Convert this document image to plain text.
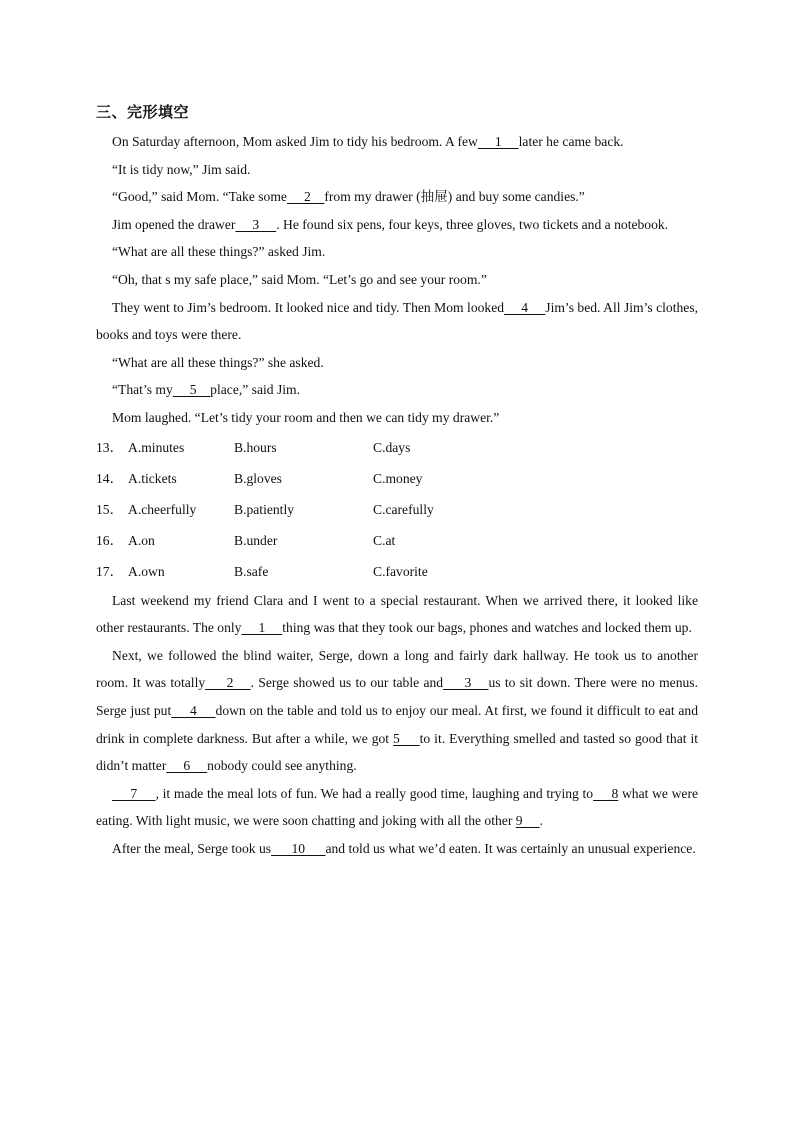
三、完形填空

On Saturday afternoon, Mom asked Jim to tidy his bedroom. A few     1     later he came back.

“It is tidy now,” Jim said.

“Good,” said Mom. “Take some     2    from my drawer (抽屉) and buy some candies.”

Jim opened the drawer     3     . He found six pens, four keys, three gloves, two tickets and a notebook.

“What are all these things?” asked Jim.

“Oh, that s my safe place,” said Mom. “Let’s go and see your room.”

They went to Jim’s bedroom. It looked nice and tidy. Then Mom looked     4     Jim’s bed. All Jim’s clothes, books and toys were there.

“What are all these things?” she asked.

“That’s my     5    place,” said Jim.

Mom laughed. “Let’s tidy your room and then we can tidy my drawer.”

13． A.minutes	B.hours	C.days
14． A.tickets	B.gloves	C.money
15． A.cheerfully	B.patiently	C.carefully
16． A.on	B.under	C.at
17． A.own	B.safe	C.favorite

Last weekend my friend Clara and I went to a special restaurant. When we arrived there, it looked like other restaurants. The only     1     thing was that they took our bags, phones and watches and locked them up.

Next, we followed the blind waiter, Serge, down a long and fairly dark hallway. He took us to another room. It was totally     2    . Serge showed us to our table and     3    us to sit down. There were no menus. Serge just put     4     down on the table and told us to enjoy our meal. At first, we found it difficult to eat and drink in complete darkness. But after a while, we got 5     to it. Everything smelled and tasted so good that it didn’t matter     6     nobody could see anything.

7     , it made the meal lots of fun. We had a really good time, laughing and trying to     8 what we were eating. With light music, we were soon chatting and joking with all the other 9     .

After the meal, Serge took us      10      and told us what we’d eaten. It was certainly an unusual experience.
